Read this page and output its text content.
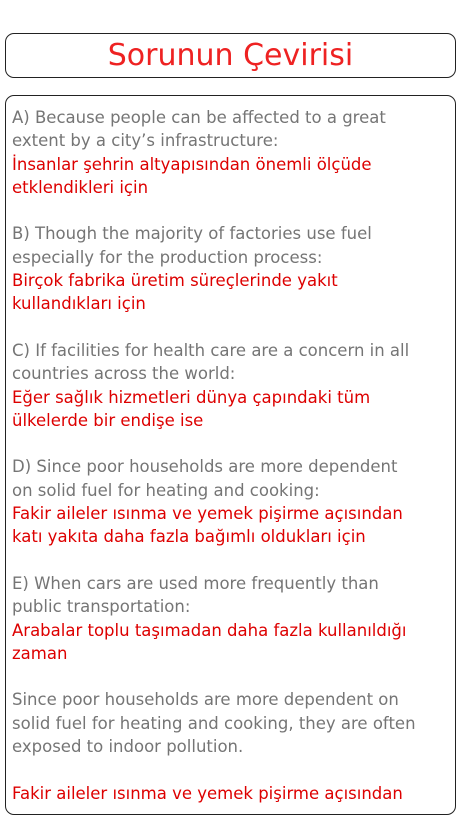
Sorunun Çevirisi
A) Because people can be affected to a great
extent by a city’s infrastructure:
İnsanlar şehrin altyapısından önemli ölçüde
etklendikleri için
B) Though the majority of factories use fuel
especially for the production process:
Birçok fabrika üretim süreçlerinde yakıt
kullandıkları için
C) If facilities for health care are a concern in all
countries across the world:
Eğer sağlık hizmetleri dünya çapındaki tüm
ülkelerde bir endişe ise
D) Since poor households are more dependent
on solid fuel for heating and cooking:
Fakir aileler ısınma ve yemek pişirme açısından
katı yakıta daha fazla bağımlı oldukları için
E) When cars are used more frequently than
public transportation:
Arabalar toplu taşımadan daha fazla kullanıldığı
zaman
Since poor households are more dependent on
solid fuel for heating and cooking, they are often
exposed to indoor pollution.
Fakir aileler ısınma ve yemek pişirme açısından
